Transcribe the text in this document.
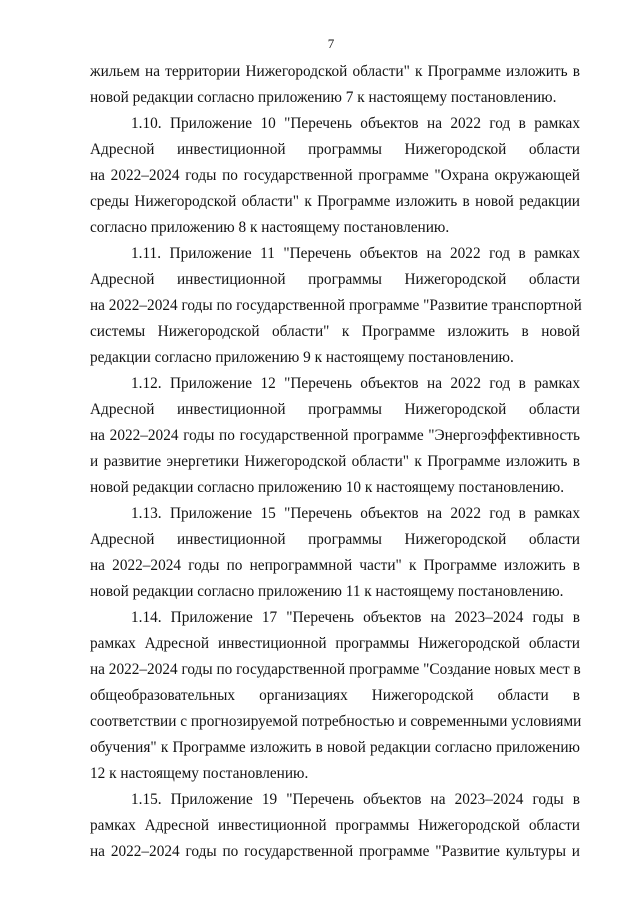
7
жильем на территории Нижегородской области" к Программе изложить в
новой редакции согласно приложению 7 к настоящему постановлению.
1.10. Приложение 10 "Перечень объектов на 2022 год в рамках
Адресной инвестиционной программы Нижегородской области
на 2022–2024 годы по государственной программе "Охрана окружающей
среды Нижегородской области" к Программе изложить в новой редакции
согласно приложению 8 к настоящему постановлению.
1.11. Приложение 11 "Перечень объектов на 2022 год в рамках
Адресной инвестиционной программы Нижегородской области
на 2022–2024 годы по государственной программе "Развитие транспортной
системы Нижегородской области" к Программе изложить в новой
редакции согласно приложению 9 к настоящему постановлению.
1.12. Приложение 12 "Перечень объектов на 2022 год в рамках
Адресной инвестиционной программы Нижегородской области
на 2022–2024 годы по государственной программе "Энергоэффективность
и развитие энергетики Нижегородской области" к Программе изложить в
новой редакции согласно приложению 10 к настоящему постановлению.
1.13. Приложение 15 "Перечень объектов на 2022 год в рамках
Адресной инвестиционной программы Нижегородской области
на 2022–2024 годы по непрограммной части" к Программе изложить в
новой редакции согласно приложению 11 к настоящему постановлению.
1.14. Приложение 17 "Перечень объектов на 2023–2024 годы в
рамках Адресной инвестиционной программы Нижегородской области
на 2022–2024 годы по государственной программе "Создание новых мест в
общеобразовательных организациях Нижегородской области в
соответствии с прогнозируемой потребностью и современными условиями
обучения" к Программе изложить в новой редакции согласно приложению
12 к настоящему постановлению.
1.15. Приложение 19 "Перечень объектов на 2023–2024 годы в
рамках Адресной инвестиционной программы Нижегородской области
на 2022–2024 годы по государственной программе "Развитие культуры и
